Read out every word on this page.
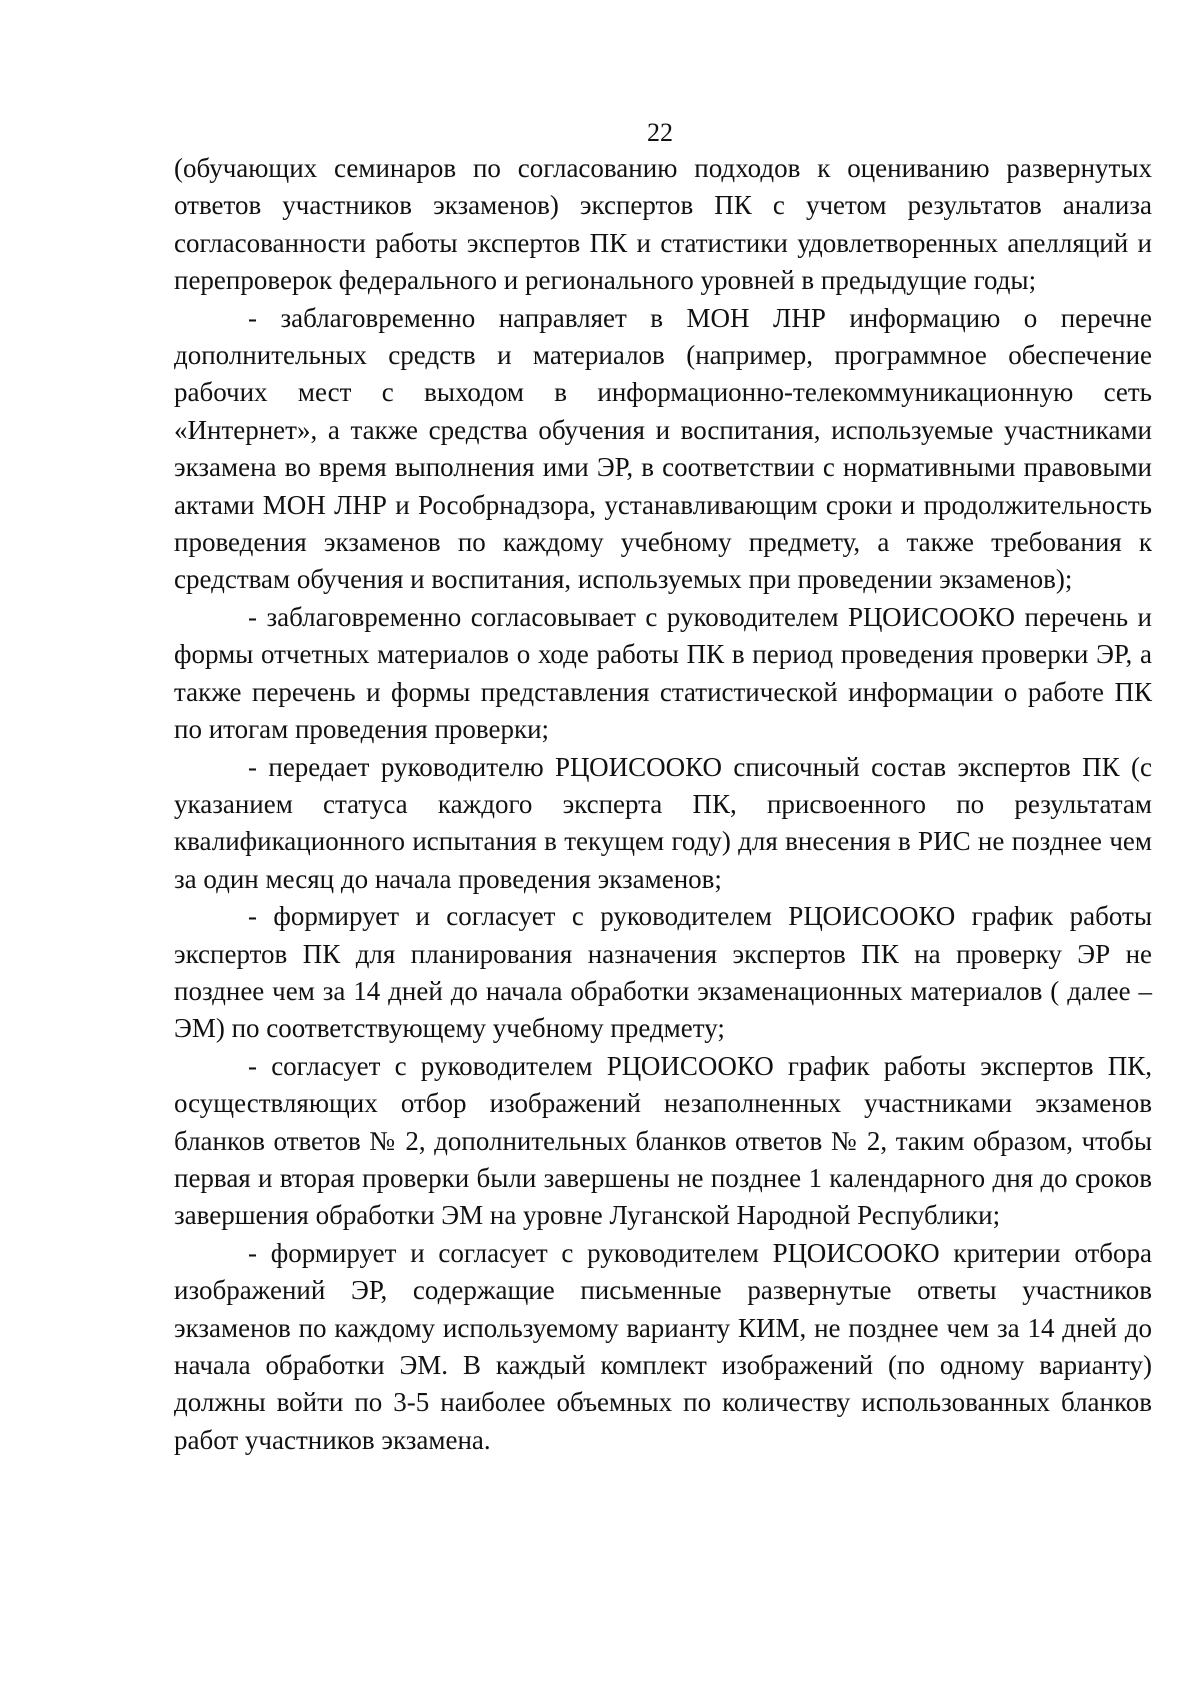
22

(обучающих семинаров по согласованию подходов к оцениванию развернутых ответов участников экзаменов) экспертов ПК с учетом результатов анализа согласованности работы экспертов ПК и статистики удовлетворенных апелляций и перепроверок федерального и регионального уровней в предыдущие годы;

- заблаговременно направляет в МОН ЛНР информацию о перечне дополнительных средств и материалов (например, программное обеспечение рабочих мест с выходом в информационно-телекоммуникационную сеть «Интернет», а также средства обучения и воспитания, используемые участниками экзамена во время выполнения ими ЭР, в соответствии с нормативными правовыми актами МОН ЛНР и Рособрнадзора, устанавливающим сроки и продолжительность проведения экзаменов по каждому учебному предмету, а также требования к средствам обучения и воспитания, используемых при проведении экзаменов);

- заблаговременно согласовывает с руководителем РЦОИСООКО перечень и формы отчетных материалов о ходе работы ПК в период проведения проверки ЭР, а также перечень и формы представления статистической информации о работе ПК по итогам проведения проверки;

- передает руководителю РЦОИСООКО списочный состав экспертов ПК (с указанием статуса каждого эксперта ПК, присвоенного по результатам квалификационного испытания в текущем году) для внесения в РИС не позднее чем за один месяц до начала проведения экзаменов;

- формирует и согласует с руководителем РЦОИСООКО график работы экспертов ПК для планирования назначения экспертов ПК на проверку ЭР не позднее чем за 14 дней до начала обработки экзаменационных материалов ( далее – ЭМ) по соответствующему учебному предмету;

- согласует с руководителем РЦОИСООКО график работы экспертов ПК, осуществляющих отбор изображений незаполненных участниками экзаменов бланков ответов № 2, дополнительных бланков ответов № 2, таким образом, чтобы первая и вторая проверки были завершены не позднее 1 календарного дня до сроков завершения обработки ЭМ на уровне Луганской Народной Республики;

- формирует и согласует с руководителем РЦОИСООКО критерии отбора изображений ЭР, содержащие письменные развернутые ответы участников экзаменов по каждому используемому варианту КИМ, не позднее чем за 14 дней до начала обработки ЭМ. В каждый комплект изображений (по одному варианту) должны войти по 3-5 наиболее объемных по количеству использованных бланков работ участников экзамена.
